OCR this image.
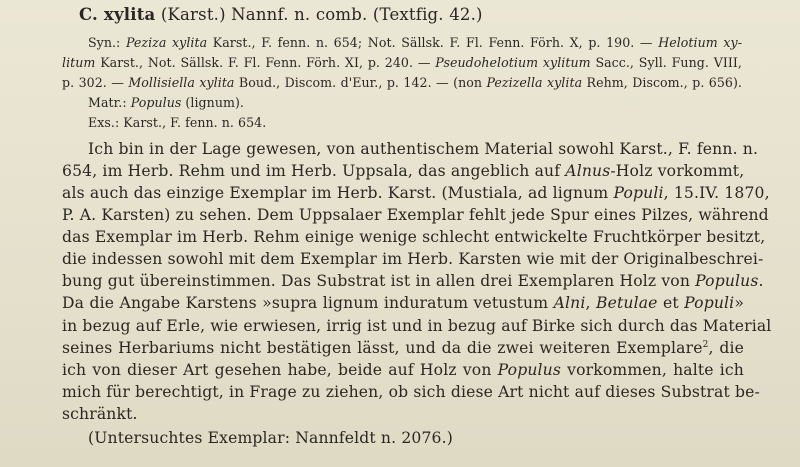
C. xylita (Karst.) Nannf. n. comb. (Textfig. 42.)
Syn.: Peziza xylita Karst., F. fenn. n. 654; Not. Sällsk. F. Fl. Fenn. Förh. X, p. 190. — Helotium xy-
litum Karst., Not. Sällsk. F. Fl. Fenn. Förh. XI, p. 240. — Pseudohelotium xylitum Sacc., Syll. Fung. VIII,
p. 302. — Mollisiella xylita Boud., Discom. d'Eur., p. 142. — (non Pezizella xylita Rehm, Discom., p. 656).
Matr.: Populus (lignum).
Exs.: Karst., F. fenn. n. 654.
Ich bin in der Lage gewesen, von authentischem Material sowohl Karst., F. fenn. n.
654, im Herb. Rehm und im Herb. Uppsala, das angeblich auf Alnus-Holz vorkommt,
als auch das einzige Exemplar im Herb. Karst. (Mustiala, ad lignum Populi, 15.IV. 1870,
P. A. Karsten) zu sehen. Dem Uppsalaer Exemplar fehlt jede Spur eines Pilzes, während
das Exemplar im Herb. Rehm einige wenige schlecht entwickelte Fruchtkörper besitzt,
die indessen sowohl mit dem Exemplar im Herb. Karsten wie mit der Originalbeschrei-
bung gut übereinstimmen. Das Substrat ist in allen drei Exemplaren Holz von Populus.
Da die Angabe Karstens »supra lignum induratum vetustum Alni, Betulae et Populi»
in bezug auf Erle, wie erwiesen, irrig ist und in bezug auf Birke sich durch das Material
seines Herbariums nicht bestätigen lässt, und da die zwei weiteren Exemplare$^2$, die
ich von dieser Art gesehen habe, beide auf Holz von Populus vorkommen, halte ich
mich für berechtigt, in Frage zu ziehen, ob sich diese Art nicht auf dieses Substrat be-
schränkt.
(Untersuchtes Exemplar: Nannfeldt n. 2076.)
